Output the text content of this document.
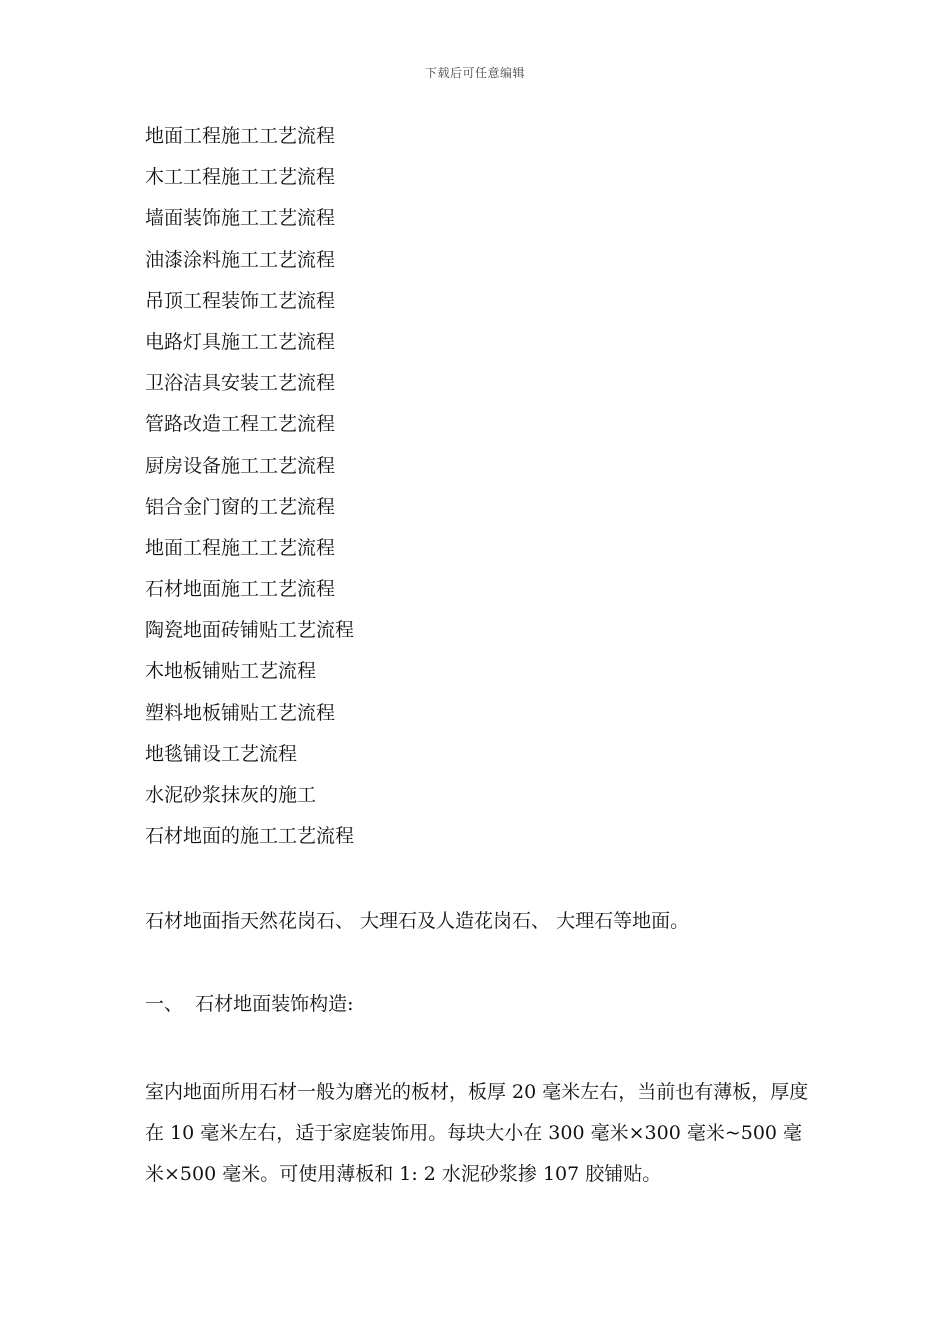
下载后可任意编辑
地面工程施工工艺流程
木工工程施工工艺流程
墙面装饰施工工艺流程
油漆涂料施工工艺流程
吊顶工程装饰工艺流程
电路灯具施工工艺流程
卫浴洁具安装工艺流程
管路改造工程工艺流程
厨房设备施工工艺流程
铝合金门窗的工艺流程
地面工程施工工艺流程
石材地面施工工艺流程
陶瓷地面砖铺贴工艺流程
木地板铺贴工艺流程
塑料地板铺贴工艺流程
地毯铺设工艺流程
水泥砂浆抹灰的施工
石材地面的施工工艺流程

石材地面指天然花岗石、 大理石及人造花岗石、 大理石等地面。

一、  石材地面装饰构造:

室内地面所用石材一般为磨光的板材，板厚 20 毫米左右，当前也有薄板，厚度在 10 毫米左右，适于家庭装饰用。每块大小在 300 毫米×300 毫米~500 毫米×500 毫米。可使用薄板和 1: 2 水泥砂浆掺 107 胶铺贴。
